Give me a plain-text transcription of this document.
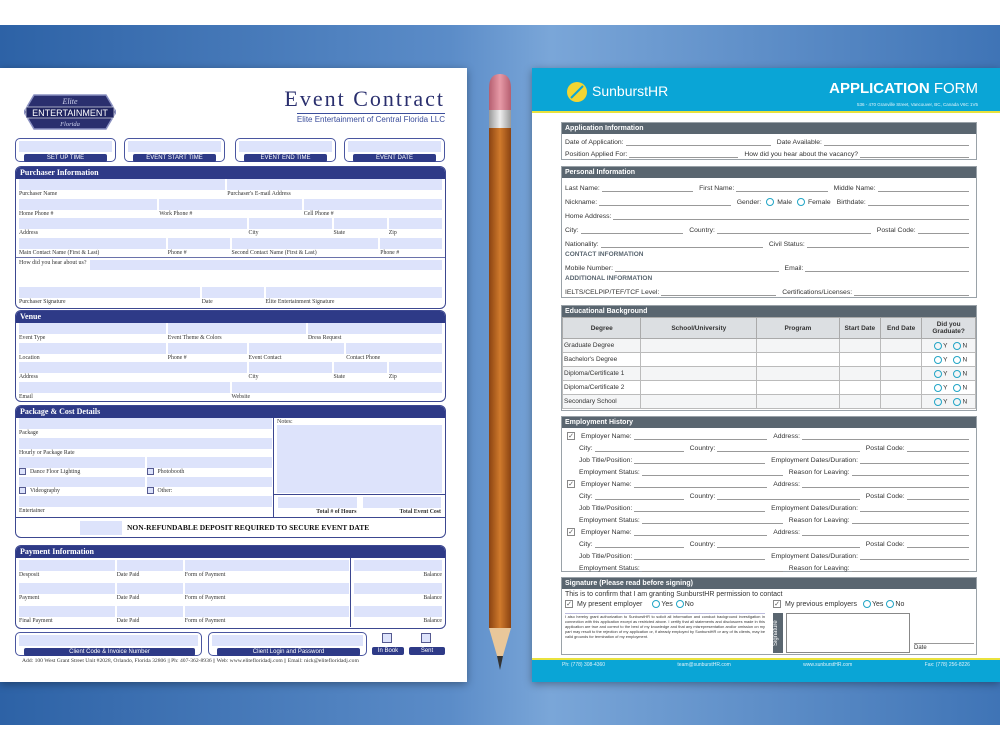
Elite
ENTERTAINMENT
Florida
Event Contract
Elite Entertainment of Central Florida LLC
SET UP TIME	EVENT START TIME	EVENT END TIME	EVENT DATE
Purchaser Information
Purchaser Name	Purchaser's E-mail Address
Home Phone #	Work Phone #	Cell Phone #
Address	City	State	Zip
Main Contact Name (First & Last)	Phone #	Second Contact Name (First & Last)	Phone #
How did you hear about us?
Purchaser Signature	Date	Elite Entertainment Signature
Venue
Event Type	Event Theme & Colors	Dress Request
Location	Phone #	Event Contact	Contact Phone
Address	City	State	Zip
Email	Website
Package & Cost Details
Package
Hourly or Package Rate
Dance Floor Lighting	Photobooth
Videography	Other:
Entertainer
Notes:
Total # of Hours	Total Event Cost
NON-REFUNDABLE DEPOSIT REQUIRED TO SECURE EVENT DATE
Payment Information
Desposit	Date Paid	Form of Payment	Balance
Payment	Date Paid	Form of Payment	Balance
Final Payment	Date Paid	Form of Payment	Balance
Client Code & Invoice Number	Client Login and Password	In Book	Sent
Add: 100 West Grant Street Unit #2028, Orlando, Florida 32806 || Ph: 407-362-8936 || Web: www.elitefloridadj.com || Email: nick@elitefloridadj.com
SunburstHR	APPLICATION FORM
536 - 470 Granville Street, Vancouver, BC, Canada V6C 1V5
Application Information
Date of Application:	Date Available:
Position Applied For:	How did you hear about the vacancy?
Personal Information
Last Name:	First Name:	Middle Name:
Nickname:	Gender: Male Female Birthdate:
Home Address:
City:	Country:	Postal Code:
Nationality:	Civil Status:
CONTACT INFORMATION
Mobile Number:	Email:
ADDITIONAL INFORMATION
IELTS/CELPIP/TEF/TCF Level:	Certifications/Licenses:
Educational Background
Degree	School/University	Program	Start Date	End Date	Did you Graduate?
Graduate Degree					Y N
Bachelor's Degree					Y N
Diploma/Certificate 1					Y N
Diploma/Certificate 2					Y N
Secondary School					Y N
Employment History
✓ Employer Name:	Address:
City:	Country:	Postal Code:
Job Title/Position:	Employment Dates/Duration:
Employment Status:	Reason for Leaving:
✓ Employer Name:	Address:
City:	Country:	Postal Code:
Job Title/Position:	Employment Dates/Duration:
Employment Status:	Reason for Leaving:
✓ Employer Name:	Address:
City:	Country:	Postal Code:
Job Title/Position:	Employment Dates/Duration:
Employment Status:	Reason for Leaving:
Signature (Please read before signing)
This is to confirm that I am granting SunburstHR permission to contact
✓ My present employer	Yes No	✓ My previous employers Yes No
I also hereby grant authorization to SunburstHR to solicit all information and conduct background investigation in connection with this application except as restricted above. I certify that all statements and disclosures made in this application are true and correct to the best of my knowledge and that any misrepresentation and/or omission on my part may result to the rejection of my application or, if already employed by SunburstHR or any of its clients, may be valid grounds for termination of my employment.	Signature
Date
Ph: (778) 308-4360	team@sunburstHR.com	www.sunburstHR.com	Fax: (778) 256-8226
